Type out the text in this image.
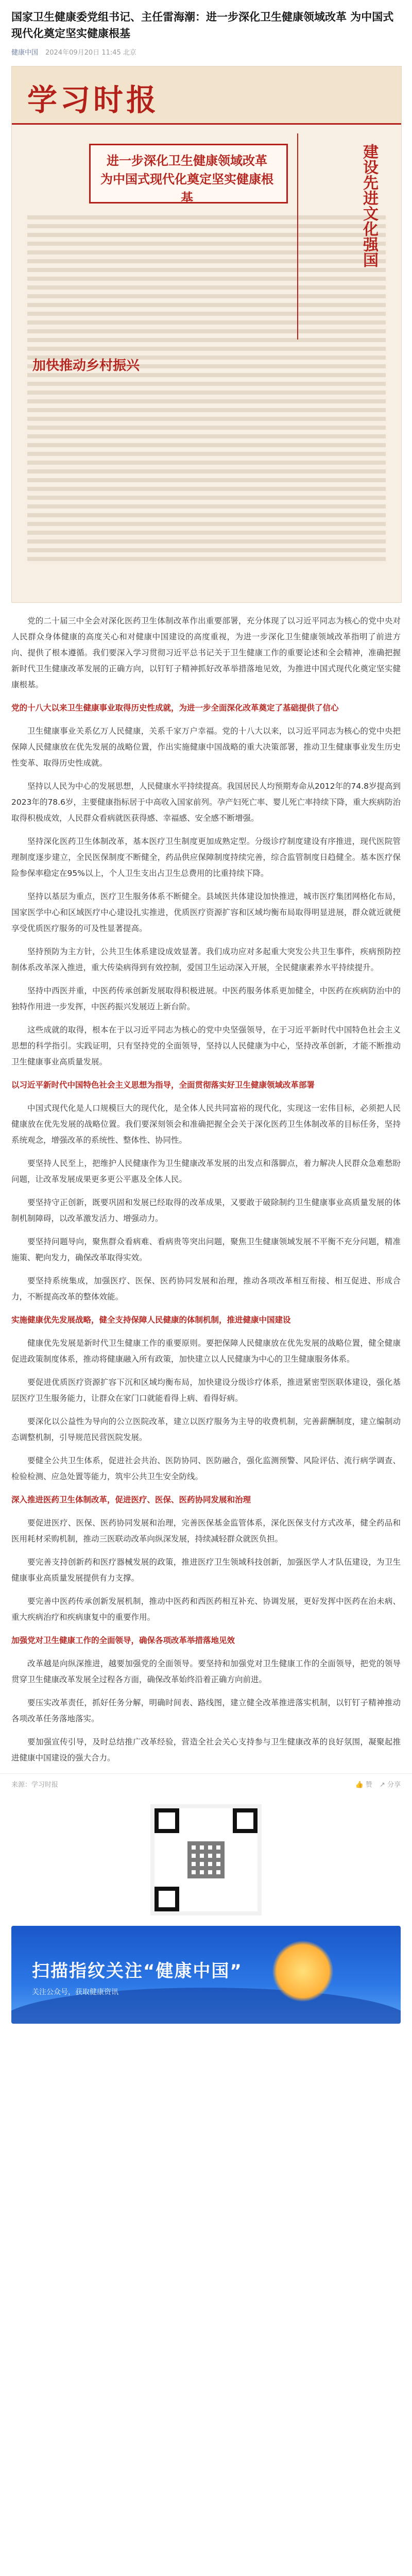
国家卫生健康委党组书记、主任雷海潮：进一步深化卫生健康领域改革 为中国式现代化奠定坚实健康根基
健康中国 2024年09月20日 11:45 北京
学习时报
进一步深化卫生健康领域改革 为中国式现代化奠定坚实健康根基	建设先进文化强国
加快推动乡村振兴

党的二十届三中全会对深化医药卫生体制改革作出重要部署，充分体现了以习近平同志为核心的党中央对人民群众身体健康的高度关心和对健康中国建设的高度重视，为进一步深化卫生健康领域改革指明了前进方向、提供了根本遵循。我们要深入学习贯彻习近平总书记关于卫生健康工作的重要论述和全会精神，准确把握新时代卫生健康改革发展的正确方向，以钉钉子精神抓好改革举措落地见效，为推进中国式现代化奠定坚实健康根基。

党的十八大以来卫生健康事业取得历史性成就，为进一步全面深化改革奠定了基础提供了信心

卫生健康事业关系亿万人民健康，关系千家万户幸福。党的十八大以来，以习近平同志为核心的党中央把保障人民健康放在优先发展的战略位置，作出实施健康中国战略的重大决策部署，推动卫生健康事业发生历史性变革、取得历史性成就。

坚持以人民为中心的发展思想，人民健康水平持续提高。我国居民人均预期寿命从2012年的74.8岁提高到2023年的78.6岁，主要健康指标居于中高收入国家前列。孕产妇死亡率、婴儿死亡率持续下降，重大疾病防治取得积极成效，人民群众看病就医获得感、幸福感、安全感不断增强。

坚持深化医药卫生体制改革，基本医疗卫生制度更加成熟定型。分级诊疗制度建设有序推进，现代医院管理制度逐步建立，全民医保制度不断健全，药品供应保障制度持续完善，综合监管制度日趋健全。基本医疗保险参保率稳定在95%以上，个人卫生支出占卫生总费用的比重持续下降。

坚持以基层为重点，医疗卫生服务体系不断健全。县域医共体建设加快推进，城市医疗集团网格化布局，国家医学中心和区域医疗中心建设扎实推进，优质医疗资源扩容和区域均衡布局取得明显进展，群众就近就便享受优质医疗服务的可及性显著提高。

坚持预防为主方针，公共卫生体系建设成效显著。我们成功应对多起重大突发公共卫生事件，疾病预防控制体系改革深入推进，重大传染病得到有效控制，爱国卫生运动深入开展，全民健康素养水平持续提升。

坚持中西医并重，中医药传承创新发展取得积极进展。中医药服务体系更加健全，中医药在疾病防治中的独特作用进一步发挥，中医药振兴发展迈上新台阶。

这些成就的取得，根本在于以习近平同志为核心的党中央坚强领导，在于习近平新时代中国特色社会主义思想的科学指引。实践证明，只有坚持党的全面领导，坚持以人民健康为中心，坚持改革创新，才能不断推动卫生健康事业高质量发展。

以习近平新时代中国特色社会主义思想为指导，全面贯彻落实好卫生健康领域改革部署

中国式现代化是人口规模巨大的现代化，是全体人民共同富裕的现代化，实现这一宏伟目标，必须把人民健康放在优先发展的战略位置。我们要深刻领会和准确把握全会关于深化医药卫生体制改革的目标任务，坚持系统观念，增强改革的系统性、整体性、协同性。

要坚持人民至上，把维护人民健康作为卫生健康改革发展的出发点和落脚点，着力解决人民群众急难愁盼问题，让改革发展成果更多更公平惠及全体人民。

要坚持守正创新，既要巩固和发展已经取得的改革成果，又要敢于破除制约卫生健康事业高质量发展的体制机制障碍，以改革激发活力、增强动力。

要坚持问题导向，聚焦群众看病难、看病贵等突出问题，聚焦卫生健康领域发展不平衡不充分问题，精准施策、靶向发力，确保改革取得实效。

要坚持系统集成，加强医疗、医保、医药协同发展和治理，推动各项改革相互衔接、相互促进、形成合力，不断提高改革的整体效能。

实施健康优先发展战略，健全支持保障人民健康的体制机制，推进健康中国建设

健康优先发展是新时代卫生健康工作的重要原则。要把保障人民健康放在优先发展的战略位置，健全健康促进政策制度体系，推动将健康融入所有政策，加快建立以人民健康为中心的卫生健康服务体系。

要促进优质医疗资源扩容下沉和区域均衡布局，加快建设分级诊疗体系，推进紧密型医联体建设，强化基层医疗卫生服务能力，让群众在家门口就能看得上病、看得好病。

要深化以公益性为导向的公立医院改革，建立以医疗服务为主导的收费机制，完善薪酬制度，建立编制动态调整机制，引导规范民营医院发展。

要健全公共卫生体系，促进社会共治、医防协同、医防融合，强化监测预警、风险评估、流行病学调查、检验检测、应急处置等能力，筑牢公共卫生安全防线。

深入推进医药卫生体制改革，促进医疗、医保、医药协同发展和治理

要促进医疗、医保、医药协同发展和治理，完善医保基金监管体系，深化医保支付方式改革，健全药品和医用耗材采购机制，推动三医联动改革向纵深发展，持续减轻群众就医负担。

要完善支持创新药和医疗器械发展的政策，推进医疗卫生领域科技创新，加强医学人才队伍建设，为卫生健康事业高质量发展提供有力支撑。

要完善中医药传承创新发展机制，推动中医药和西医药相互补充、协调发展，更好发挥中医药在治未病、重大疾病治疗和疾病康复中的重要作用。

加强党对卫生健康工作的全面领导，确保各项改革举措落地见效

改革越是向纵深推进，越要加强党的全面领导。要坚持和加强党对卫生健康工作的全面领导，把党的领导贯穿卫生健康改革发展全过程各方面，确保改革始终沿着正确方向前进。

要压实改革责任，抓好任务分解，明确时间表、路线图，建立健全改革推进落实机制，以钉钉子精神推动各项改革任务落地落实。

要加强宣传引导，及时总结推广改革经验，营造全社会关心支持参与卫生健康改革的良好氛围，凝聚起推进健康中国建设的强大合力。

来源：学习时报	👍 赞 ↗ 分享
扫描指纹关注“健康中国”
关注公众号，获取健康资讯
